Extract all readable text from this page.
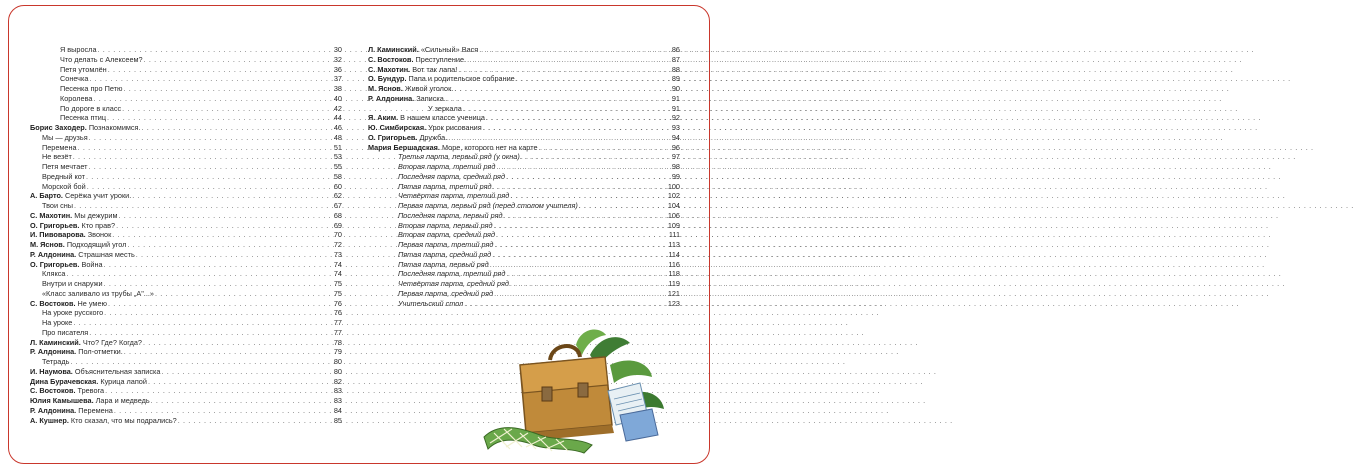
Я выросла . . .	30
Что делать с Алексеем? . . .	32
Петя утомлён . . .	36
Сонечка . . .	37
Песенка про Петю . . .	38
Королева . . .	40
По дороге в класс . . .	42
Песенка птиц . . .	44
Борис Заходер. Познакомимся. . . .	46
Мы — друзья . . .	48
Перемена . . .	51
Не везёт . . .	53
Петя мечтает . . .	55
Вредный кот . . .	58
Морской бой . . .	60
А. Барто. Серёжа учит уроки. . . .	62
Твои сны . . .	67
С. Махотин. Мы дежурим . . .	68
О. Григорьев. Кто прав? . . .	69
И. Пивоварова. Звонок . . .	70
М. Яснов. Подходящий угол . . .	72
Р. Алдонина. Страшная месть . . .	73
О. Григорьев. Война . . .	74
Клякса . . .	74
Внутри и снаружи . . .	75
«Класс заливало из трубы „А"...» . . .	75
С. Востоков. Не умею . . .	76
На уроке русского . . .	76
На уроке . . .	77
Про писателя . . .	77
Л. Каминский. Что? Где? Когда? . . .	78
Р. Алдонина. Пол-отметки. . . .	79
Тетрадь . . .	80
И. Наумова. Объяснительная записка . . .	80
Дина Бурачевская. Курица лапой . . .	82
С. Востоков. Тревога . . .	83
Юлия Камышева. Лара и медведь . . .	83
Р. Алдонина. Перемена . . .	84
А. Кушнер. Кто сказал, что мы подрались? . . .	85
Л. Каминский. «Сильный» Вася . . .	86
С. Востоков. Преступление. . . .	87
С. Махотин. Вот так лапа! . . .	88
О. Бундур. Папа и родительское собрание . . .	89
М. Яснов. Живой уголок. . . .	90
Р. Алдонина. Записка. . . .	91
У зеркала . . .	91
Я. Аким. В нашем классе ученица . . .	92
Ю. Симбирская. Урок рисования . . .	93
О. Григорьев. Дружба. . . .	94
Мария Бершадская. Море, которого нет на карте . . .	96
Третья парта, первый ряд (у окна) . . .	97
Вторая парта, третий ряд . . .	98
Последняя парта, средний ряд . . .	99
Пятая парта, третий ряд . . .	100
Четвёртая парта, третий ряд . . .	102
Первая парта, первый ряд (перед столом учителя) . . .	104
Последняя парта, первый ряд . . .	106
Вторая парта, первый ряд . . .	109
Вторая парта, средний ряд . . .	111
Первая парта, третий ряд . . .	113
Пятая парта, средний ряд . . .	114
Пятая парта, первый ряд . . .	116
Последняя парта, третий ряд . . .	118
Четвёртая парта, средний ряд . . .	119
Первая парта, средний ряд . . .	121
Учительский стол . . .	123
